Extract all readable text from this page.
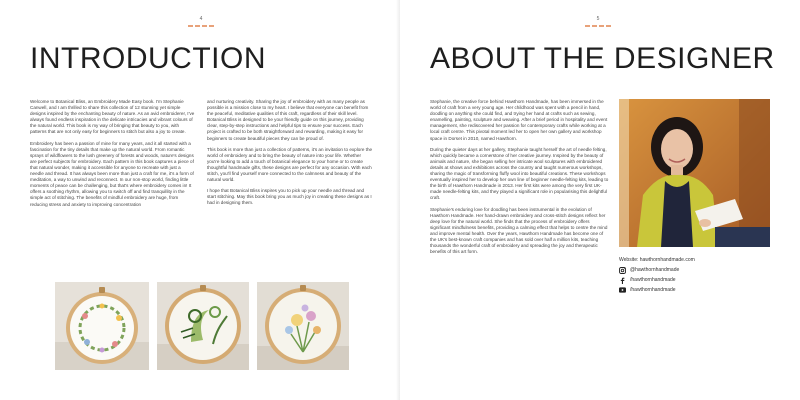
4
INTRODUCTION

Welcome to Botanical Bliss, an Embroidery Made Easy book. I'm Stephanie Canwell, and I am thrilled to share this collection of 12 stunning yet simple designs inspired by the enchanting beauty of nature. As an avid embroiderer, I've always found endless inspiration in the delicate intricacies and vibrant colours of the natural world. This book is my way of bringing that beauty to you, with patterns that are not only easy for beginners to stitch but also a joy to create.

Embroidery has been a passion of mine for many years, and it all started with a fascination for the tiny details that make up the natural world. From romantic sprays of wildflowers to the lush greenery of forests and woods, nature's designs are perfect subjects for embroidery. Each pattern in this book captures a piece of that natural wonder, making it accessible for anyone to recreate with just a needle and thread. It has always been more than just a craft for me, it's a form of meditation, a way to unwind and reconnect. In our non-stop world, finding little moments of peace can be challenging, but that's where embroidery comes in! It offers a soothing rhythm, allowing you to switch off and find tranquillity in the simple act of stitching. The benefits of mindful embroidery are huge, from reducing stress and anxiety to improving concentration

and nurturing creativity. Sharing the joy of embroidery with as many people as possible is a mission close to my heart. I believe that everyone can benefit from the peaceful, meditative qualities of this craft, regardless of their skill level. Botanical Bliss is designed to be your friendly guide on this journey, providing clear, step-by-step instructions and helpful tips to ensure your success. Each project is crafted to be both straightforward and rewarding, making it easy for beginners to create beautiful pieces they can be proud of.

This book is more than just a collection of patterns, it's an invitation to explore the world of embroidery and to bring the beauty of nature into your life. Whether you're looking to add a touch of botanical elegance to your home or to create thoughtful handmade gifts, these designs are perfect for any occasion. With each stitch, you'll find yourself more connected to the calmness and beauty of the natural world.

I hope that Botanical Bliss inspires you to pick up your needle and thread and start stitching. May this book bring you as much joy in creating these designs as I had in designing them.

5
ABOUT THE DESIGNER

Stephanie, the creative force behind Hawthorn Handmade, has been immersed in the world of craft from a very young age. Her childhood was spent with a pencil in hand, doodling on anything she could find, and trying her hand at crafts such as sewing, enamelling, painting, sculpture and weaving. After a brief period in hospitality and event management, she rediscovered her passion for contemporary crafts while working at a local craft centre. This pivotal moment led her to open her own gallery and workshop space in Dorset in 2010, named Hawthorn.

During the quieter days at her gallery, Stephanie taught herself the art of needle felting, which quickly became a cornerstone of her creative journey. Inspired by the beauty of animals and nature, she began selling her intricate wool sculptures with embroidered details at shows and exhibitions across the country and taught numerous workshops, sharing the magic of transforming fluffy wool into beautiful creations. These workshops eventually inspired her to develop her own line of beginner needle-felting kits, leading to the birth of Hawthorn Handmade in 2013. Her first kits were among the very first UK-made needle-felting kits, and they played a significant role in popularising this delightful craft.

Stephanie's enduring love for doodling has been instrumental in the evolution of Hawthorn Handmade. Her hand-drawn embroidery and cross-stitch designs reflect her deep love for the natural world. She finds that the process of embroidery offers significant mindfulness benefits, providing a calming effect that helps to centre the mind and improve mental health. Over the years, Hawthorn Handmade has become one of the UK's best-known craft companies and has sold over half a million kits, teaching thousands the wonderful craft of embroidery and spreading the joy and therapeutic benefits of this art form.

Website: hawthornhandmade.com
@hawthornhandmade
/hawthornhandmade
/hawthornhandmade
